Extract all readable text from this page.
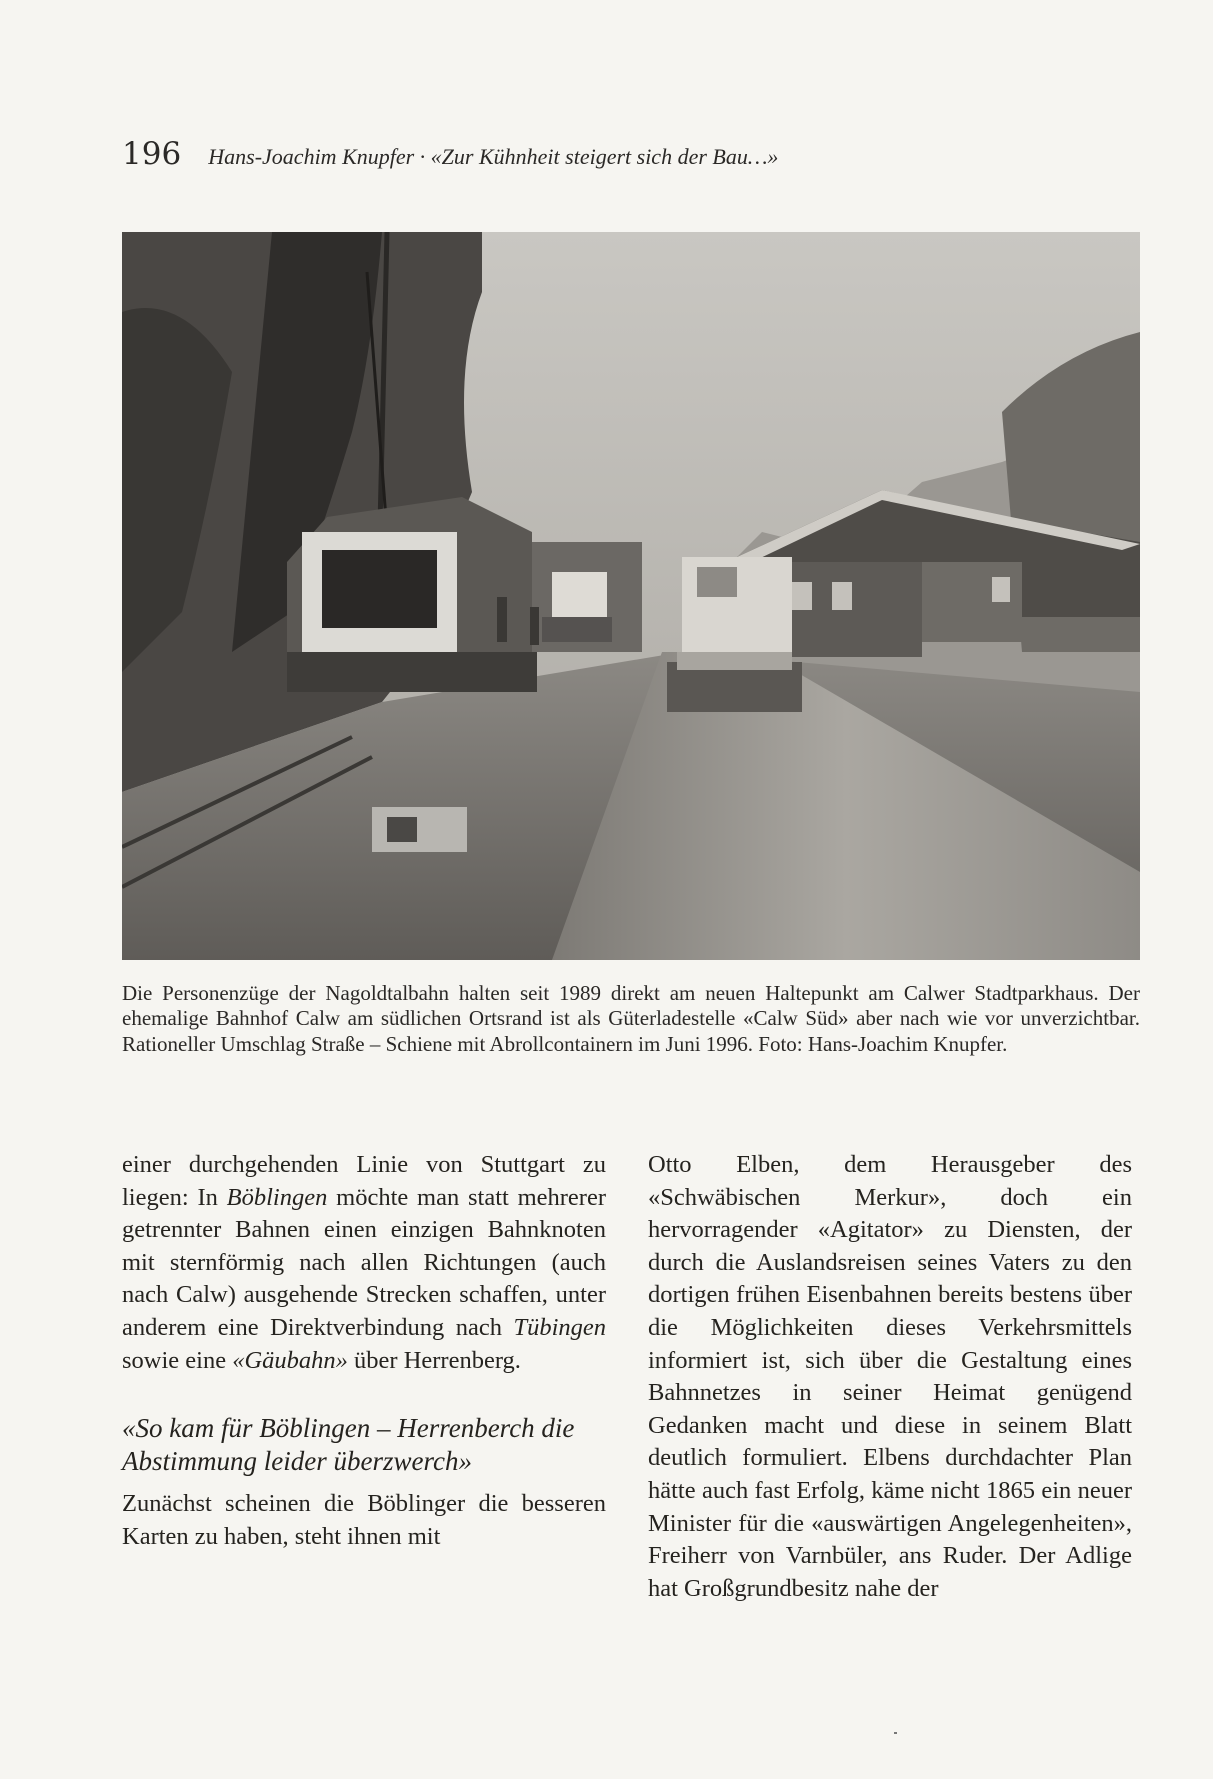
196 Hans-Joachim Knupfer · «Zur Kühnheit steigert sich der Bau…»
Die Personenzüge der Nagoldtalbahn halten seit 1989 direkt am neuen Haltepunkt am Calwer Stadtparkhaus. Der ehemalige Bahnhof Calw am südlichen Ortsrand ist als Güterladestelle «Calw Süd» aber nach wie vor unverzichtbar. Rationeller Umschlag Straße – Schiene mit Abrollcontainern im Juni 1996. Foto: Hans-Joachim Knupfer.

einer durchgehenden Linie von Stuttgart zu liegen: In Böblingen möchte man statt mehrerer getrennter Bahnen einen einzigen Bahnknoten mit sternförmig nach allen Richtungen (auch nach Calw) ausgehende Strecken schaffen, unter anderem eine Direktverbindung nach Tübingen sowie eine «Gäubahn» über Herrenberg.

«So kam für Böblingen – Herrenberch die Abstimmung leider überzwerch»

Zunächst scheinen die Böblinger die besseren Karten zu haben, steht ihnen mit

Otto Elben, dem Herausgeber des «Schwäbischen Merkur», doch ein hervorragender «Agitator» zu Diensten, der durch die Auslandsreisen seines Vaters zu den dortigen frühen Eisenbahnen bereits bestens über die Möglichkeiten dieses Verkehrsmittels informiert ist, sich über die Gestaltung eines Bahnnetzes in seiner Heimat genügend Gedanken macht und diese in seinem Blatt deutlich formuliert. Elbens durchdachter Plan hätte auch fast Erfolg, käme nicht 1865 ein neuer Minister für die «auswärtigen Angelegenheiten», Freiherr von Varnbüler, ans Ruder. Der Adlige hat Großgrundbesitz nahe der
